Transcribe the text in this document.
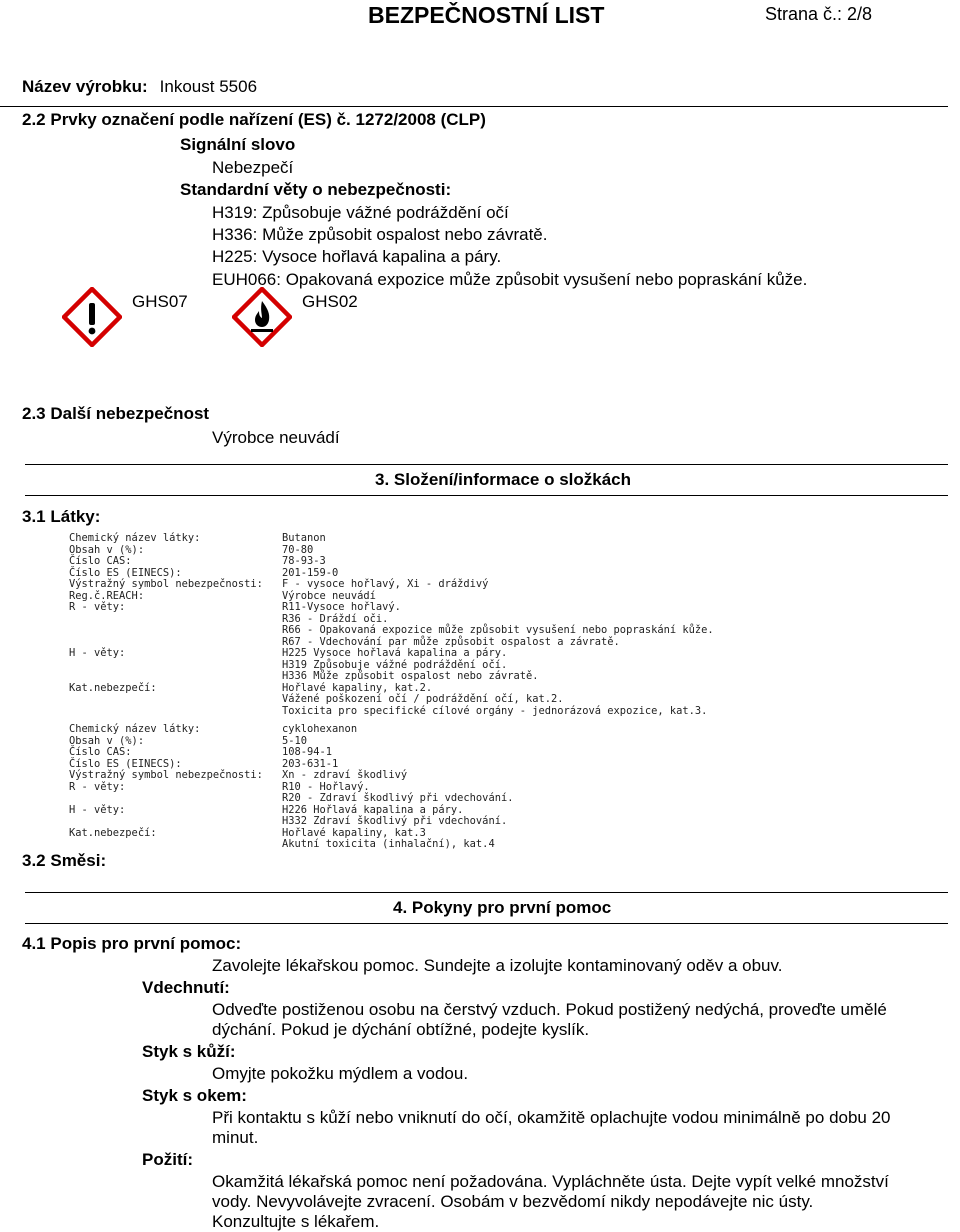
BEZPEČNOSTNÍ LIST	Strana č.: 2/8
Název výrobku: Inkoust 5506
2.2 Prvky označení podle nařízení (ES) č. 1272/2008 (CLP)
Signální slovo
Nebezpečí
Standardní věty o nebezpečnosti:
H319: Způsobuje vážné podráždění očí
H336: Může způsobit ospalost nebo závratě.
H225: Vysoce hořlavá kapalina a páry.
EUH066: Opakovaná expozice může způsobit vysušení nebo popraskání kůže.
GHS07	GHS02
2.3 Další nebezpečnost
Výrobce neuvádí
3. Složení/informace o složkách
3.1 Látky:
Chemický název látky:	Butanon
Obsah v (%):	70-80
Číslo CAS:	78-93-3
Číslo ES (EINECS):	201-159-0
Výstražný symbol nebezpečnosti: F - vysoce hořlavý, Xi - dráždivý
Reg.č.REACH:	Výrobce neuvádí
R - věty:	R11-Vysoce hořlavý.
R36 - Dráždí oči.
R66 - Opakovaná expozice může způsobit vysušení nebo popraskání kůže.
R67 - Vdechování par může způsobit ospalost a závratě.
H - věty:	H225 Vysoce hořlavá kapalina a páry.
H319 Způsobuje vážné podráždění očí.
H336 Může způsobit ospalost nebo závratě.
Kat.nebezpečí:	Hořlavé kapaliny, kat.2.
Vážené poškození očí / podráždění očí, kat.2.
Toxicita pro specifické cílové orgány - jednorázová expozice, kat.3.
Chemický název látky:	cyklohexanon
Obsah v (%):	5-10
Číslo CAS:	108-94-1
Číslo ES (EINECS):	203-631-1
Výstražný symbol nebezpečnosti: Xn - zdraví škodlivý
R - věty:	R10 - Hořlavý.
R20 - Zdraví škodlivý při vdechování.
H - věty:	H226 Hořlavá kapalina a páry.
H332 Zdraví škodlivý při vdechování.
Kat.nebezpečí:	Hořlavé kapaliny, kat.3
Akutní toxicita (inhalační), kat.4
3.2 Směsi:
4. Pokyny pro první pomoc
4.1 Popis pro první pomoc:
Zavolejte lékařskou pomoc. Sundejte a izolujte kontaminovaný oděv a obuv.
Vdechnutí:
Odveďte postiženou osobu na čerstvý vzduch. Pokud postižený nedýchá, proveďte umělé dýchání. Pokud je dýchání obtížné, podejte kyslík.
Styk s kůží:
Omyjte pokožku mýdlem a vodou.
Styk s okem:
Při kontaktu s kůží nebo vniknutí do očí, okamžitě oplachujte vodou minimálně po dobu 20 minut.
Požití:
Okamžitá lékařská pomoc není požadována. Vypláchněte ústa. Dejte vypít velké množství vody. Nevyvolávejte zvracení. Osobám v bezvědomí nikdy nepodávejte nic ústy. Konzultujte s lékařem.
